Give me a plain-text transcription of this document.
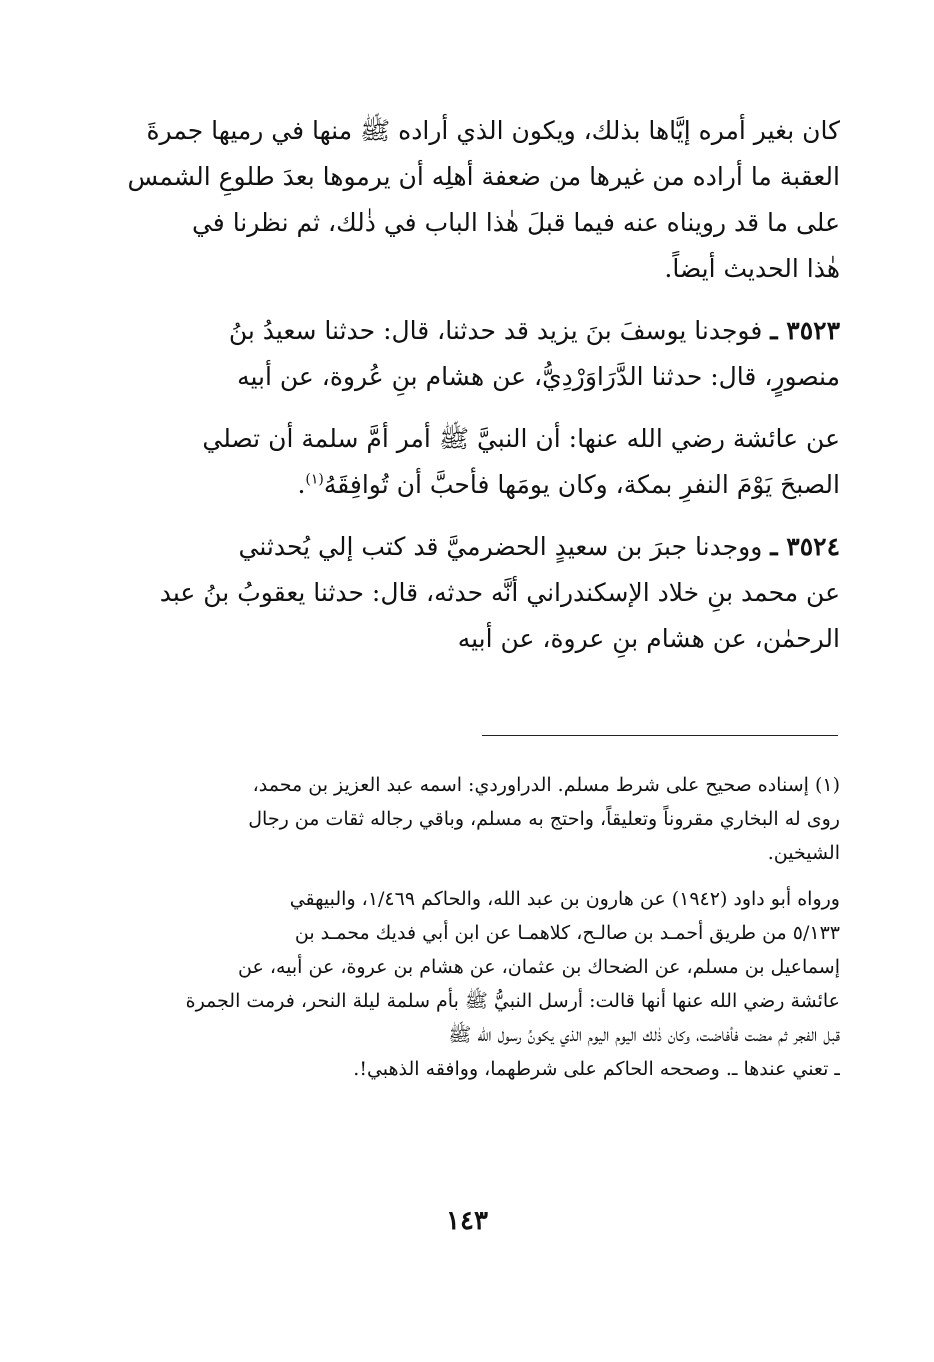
كان بغير أمره إيَّاها بذلك، ويكون الذي أراده ﷺ منها في رميها جمرةَ
العقبة ما أراده من غيرها من ضعفة أهلِه أن يرموها بعدَ طلوعِ الشمس
على ما قد رويناه عنه فيما قبلَ هٰذا الباب في ذٰلك، ثم نظرنا في
هٰذا الحديث أيضاً.
٣٥٢٣ ـ فوجدنا يوسفَ بنَ يزيد قد حدثنا، قال: حدثنا سعيدُ بنُ
منصورٍ، قال: حدثنا الدَّرَاوَرْدِيُّ، عن هشام بنِ عُروة، عن أبيه
عن عائشة رضي الله عنها: أن النبيَّ ﷺ أمر أمَّ سلمة أن تصلي
الصبحَ يَوْمَ النفرِ بمكة، وكان يومَها فأحبَّ أن تُوافِقَهُ$^{(١)}$.
٣٥٢٤ ـ ووجدنا جبرَ بن سعيدٍ الحضرميَّ قد كتب إلي يُحدثني
عن محمد بنِ خلاد الإسكندراني أنَّه حدثه، قال: حدثنا يعقوبُ بنُ عبد
الرحمٰن، عن هشام بنِ عروة، عن أبيه
(١) إسناده صحيح على شرط مسلم. الدراوردي: اسمه عبد العزيز بن محمد،
روى له البخاري مقروناً وتعليقاً، واحتج به مسلم، وباقي رجاله ثقات من رجال
الشيخين.
ورواه أبو داود (١٩٤٢) عن هارون بن عبد الله، والحاكم ١/٤٦٩، والبيهقي
٥/١٣٣ من طريق أحمـد بن صالـح، كلاهمـا عن ابن أبي فديك محمـد بن
إسماعيل بن مسلم، عن الضحاك بن عثمان، عن هشام بن عروة، عن أبيه، عن
عائشة رضي الله عنها أنها قالت: أرسل النبيُّ ﷺ بأم سلمة ليلة النحر، فرمت الجمرة
قبل الفجر ثم مضت فأفاضت، وكان ذٰلك اليوم اليوم الذي يكونُ رسول الله ﷺ
ـ تعني عندها ـ. وصححه الحاكم على شرطهما، ووافقه الذهبي!.
١٤٣
